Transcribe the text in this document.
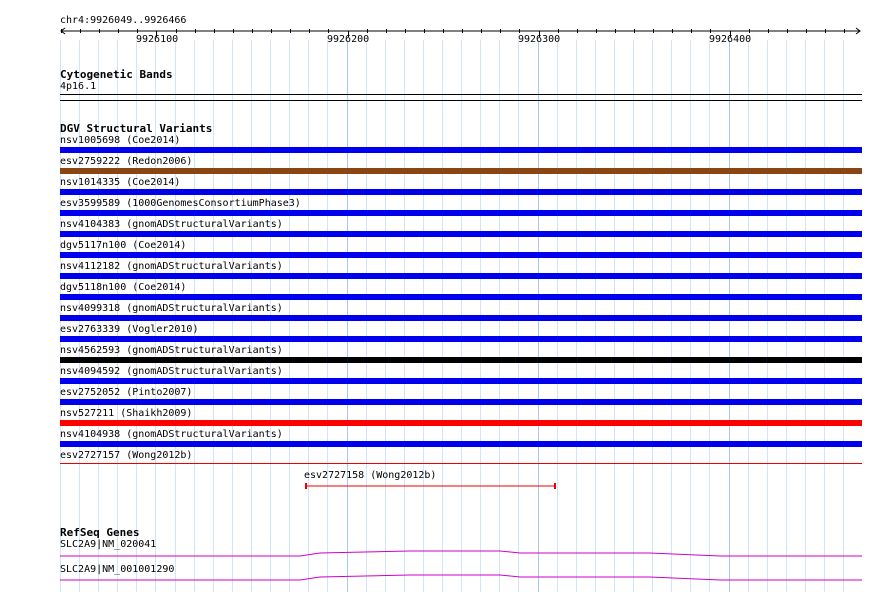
chr4:9926049..9926466
9926100	9926200	9926300	9926400
Cytogenetic Bands
4p16.1
DGV Structural Variants
nsv1005698 (Coe2014)
esv2759222 (Redon2006)
nsv1014335 (Coe2014)
esv3599589 (1000GenomesConsortiumPhase3)
nsv4104383 (gnomADStructuralVariants)
dgv5117n100 (Coe2014)
nsv4112182 (gnomADStructuralVariants)
dgv5118n100 (Coe2014)
nsv4099318 (gnomADStructuralVariants)
esv2763339 (Vogler2010)
nsv4562593 (gnomADStructuralVariants)
nsv4094592 (gnomADStructuralVariants)
esv2752052 (Pinto2007)
nsv527211 (Shaikh2009)
nsv4104938 (gnomADStructuralVariants)
esv2727157 (Wong2012b)
esv2727158 (Wong2012b)
RefSeq Genes
SLC2A9|NM_020041
SLC2A9|NM_001001290
